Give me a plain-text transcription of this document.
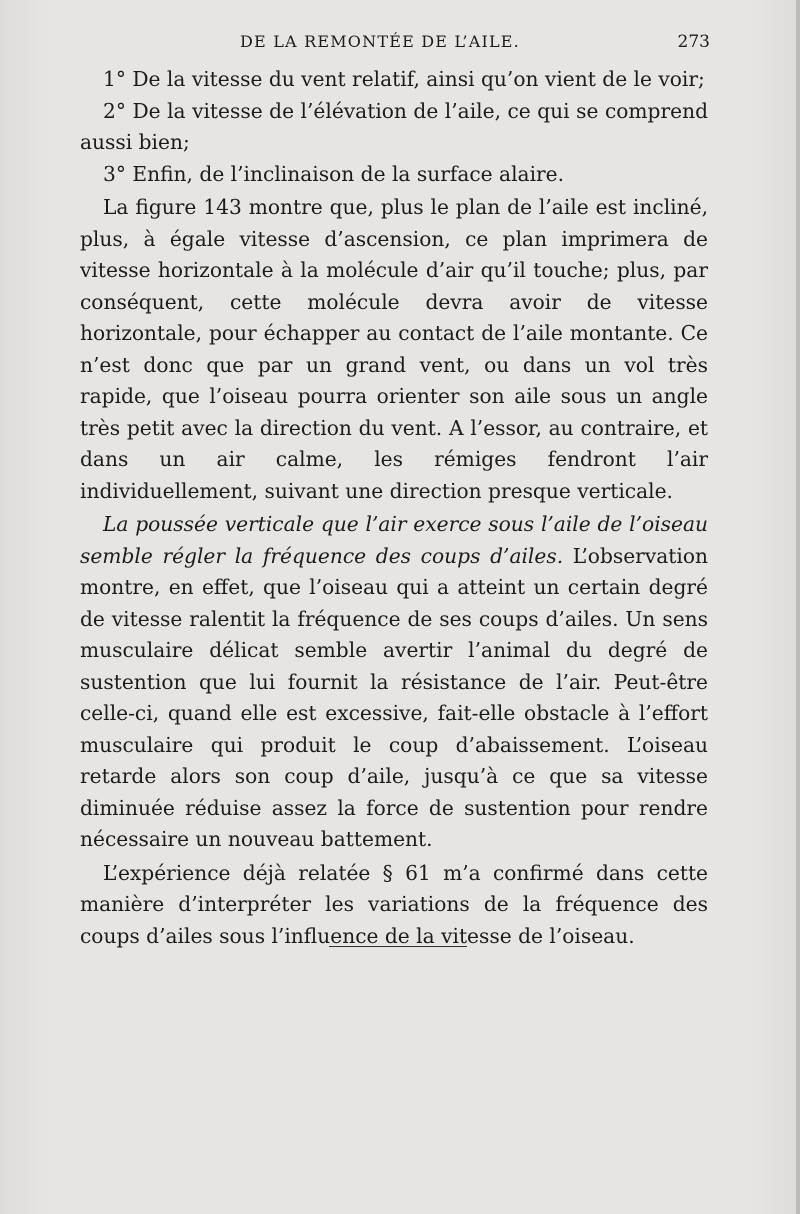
DE LA REMONTÉE DE L’AILE.	273

1° De la vitesse du vent relatif, ainsi qu’on vient de le voir;

2° De la vitesse de l’élévation de l’aile, ce qui se comprend aussi bien;

3° Enfin, de l’inclinaison de la surface alaire.

La figure 143 montre que, plus le plan de l’aile est incliné, plus, à égale vitesse d’ascension, ce plan imprimera de vitesse horizontale à la molécule d’air qu’il touche; plus, par conséquent, cette molécule devra avoir de vitesse horizontale, pour échapper au contact de l’aile montante. Ce n’est donc que par un grand vent, ou dans un vol très rapide, que l’oiseau pourra orienter son aile sous un angle très petit avec la direction du vent. A l’essor, au contraire, et dans un air calme, les rémiges fendront l’air individuellement, suivant une direction presque verticale.

La poussée verticale que l’air exerce sous l’aile de l’oiseau semble régler la fréquence des coups d’ailes. L’observation montre, en effet, que l’oiseau qui a atteint un certain degré de vitesse ralentit la fréquence de ses coups d’ailes. Un sens musculaire délicat semble avertir l’animal du degré de sustention que lui fournit la résistance de l’air. Peut-être celle-ci, quand elle est excessive, fait-elle obstacle à l’effort musculaire qui produit le coup d’abaissement. L’oiseau retarde alors son coup d’aile, jusqu’à ce que sa vitesse diminuée réduise assez la force de sustention pour rendre nécessaire un nouveau battement.

L’expérience déjà relatée § 61 m’a confirmé dans cette manière d’interpréter les variations de la fréquence des coups d’ailes sous l’influence de la vitesse de l’oiseau.
